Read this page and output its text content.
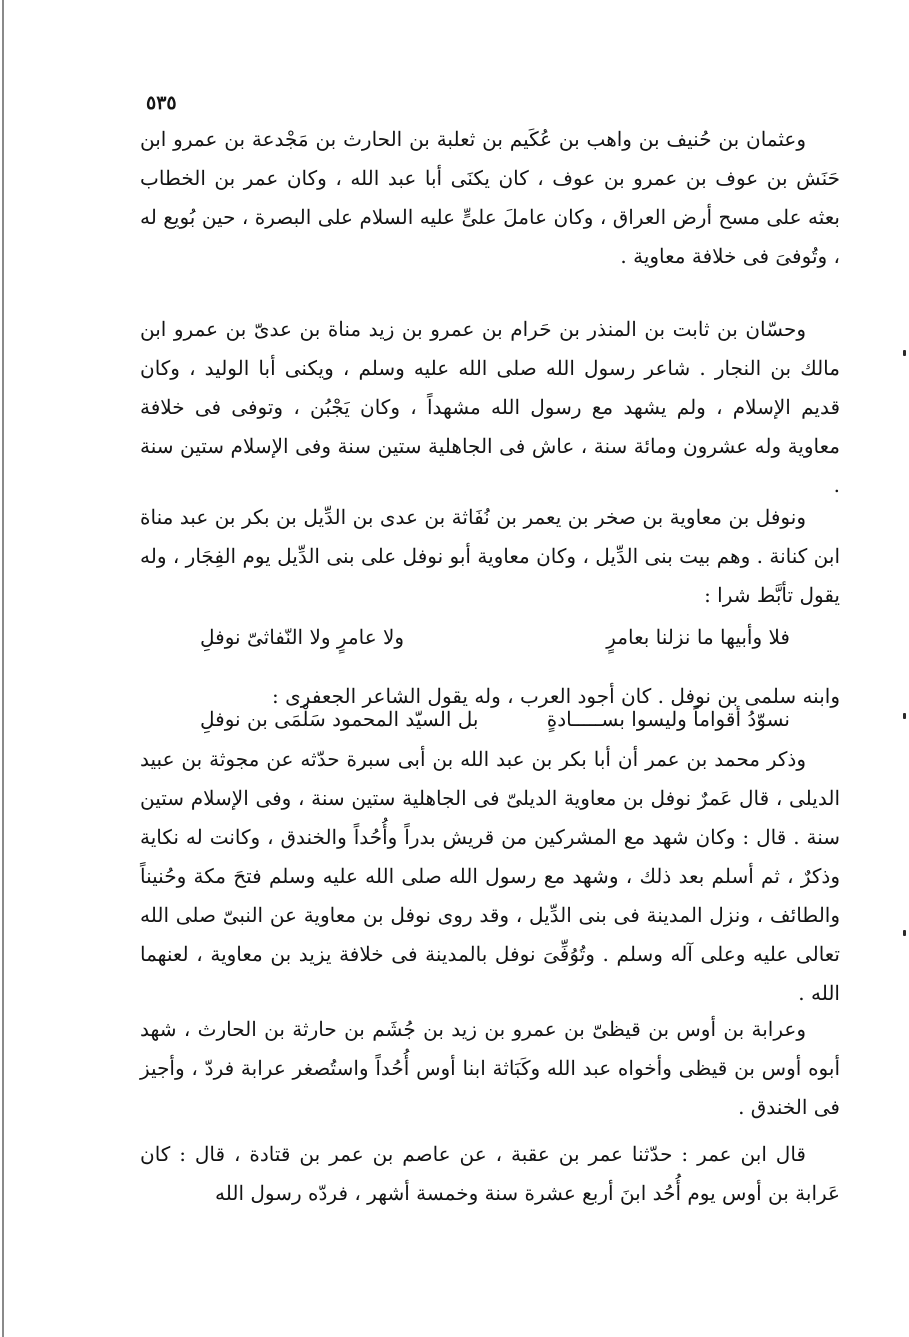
٥٣٥

وعثمان بن حُنيف بن واهب بن عُكَيم بن ثعلبة بن الحارث بن مَجْدعة بن عمرو ابن حَنَش بن عوف بن عمرو بن عوف ، كان يكنَى أبا عبد الله ، وكان عمر بن الخطاب بعثه على مسح أرض العراق ، وكان عاملَ علىٍّ عليه السلام على البصرة ، حين بُويع له ، وتُوفىَ فى خلافة معاوية .

وحسّان بن ثابت بن المنذر بن حَرام بن عمرو بن زيد مناة بن عدىّ بن عمرو ابن مالك بن النجار . شاعر رسول الله صلى الله عليه وسلم ، ويكنى أبا الوليد ، وكان قديم الإسلام ، ولم يشهد مع رسول الله مشهداً ، وكان يَجْبُن ، وتوفى فى خلافة معاوية وله عشرون ومائة سنة ، عاش فى الجاهلية ستين سنة وفى الإسلام ستين سنة .

ونوفل بن معاوية بن صخر بن يعمر بن نُفَاثة بن عدى بن الدِّيل بن بكر بن عبد مناة ابن كنانة . وهم بيت بنى الدِّيل ، وكان معاوية أبو نوفل على بنى الدِّيل يوم الفِجَار ، وله يقول تأبَّط شرا :

فلا وأبيها ما نزلنا بعامرٍ
ولا عامرٍ ولا النّفاثىّ نوفلِ

وابنه سلمى بن نوفل . كان أجود العرب ، وله يقول الشاعر الجعفرى :

نسوّدُ أقواماً وليسوا بســـــادةٍ
بل السيّد المحمود سَلْمَى بن نوفلِ

وذكر محمد بن عمر أن أبا بكر بن عبد الله بن أبى سبرة حدّثه عن مجوثة بن عبيد الديلى ، قال عَمرٌ نوفل بن معاوية الديلىّ فى الجاهلية ستين سنة ، وفى الإسلام ستين سنة . قال : وكان شهد مع المشركين من قريش بدراً وأُحُداً والخندق ، وكانت له نكاية وذكرٌ ، ثم أسلم بعد ذلك ، وشهد مع رسول الله صلى الله عليه وسلم فتحَ مكة وحُنيناً والطائف ، ونزل المدينة فى بنى الدِّيل ، وقد روى نوفل بن معاوية عن النبىّ صلى الله تعالى عليه وعلى آله وسلم . وتُوُفِّىَ نوفل بالمدينة فى خلافة يزيد بن معاوية ، لعنهما الله .

وعرابة بن أوس بن قيظىّ بن عمرو بن زيد بن جُشَم بن حارثة بن الحارث ، شهد أبوه أوس بن قيظى وأخواه عبد الله وكَبَاثة ابنا أوس أُحُداً واستُصغر عرابة فردّ ، وأجيز فى الخندق .

قال ابن عمر : حدّثنا عمر بن عقبة ، عن عاصم بن عمر بن قتادة ، قال : كان عَرابة بن أوس يوم أُحُد ابنَ أربع عشرة سنة وخمسة أشهر ، فردّه رسول الله
